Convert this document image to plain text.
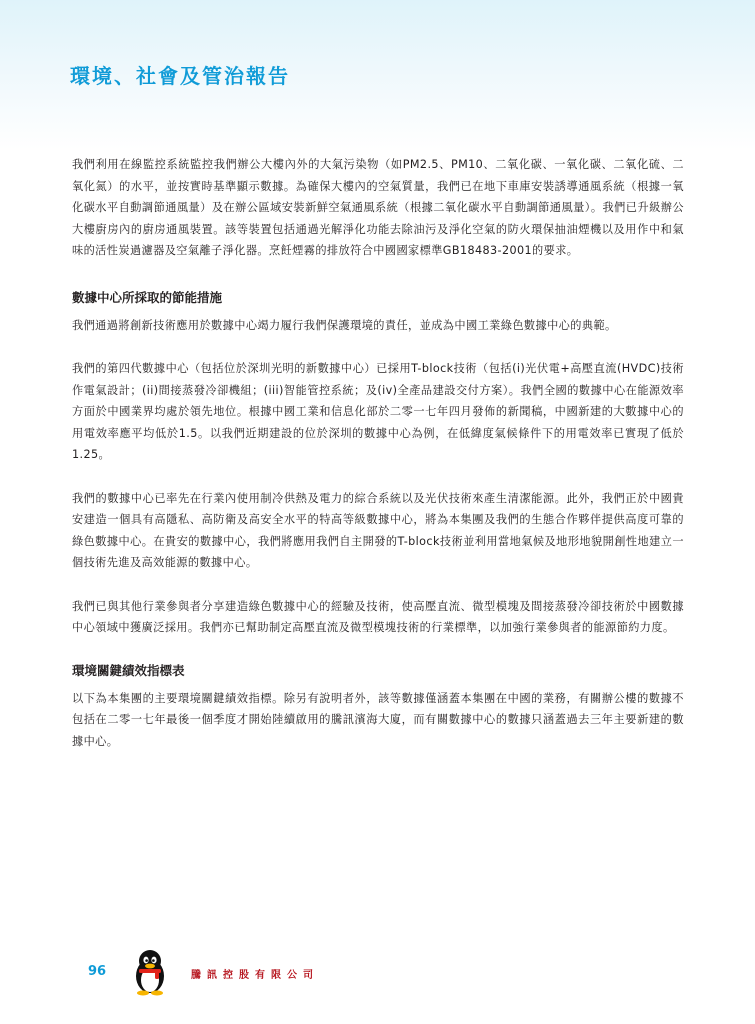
環境、社會及管治報告

我們利用在線監控系統監控我們辦公大樓內外的大氣污染物（如PM2.5、PM10、二氧化碳、一氧化碳、二氧化硫、二氧化氮）的水平，並按實時基準顯示數據。為確保大樓內的空氣質量，我們已在地下車庫安裝誘導通風系統（根據一氧化碳水平自動調節通風量）及在辦公區域安裝新鮮空氣通風系統（根據二氧化碳水平自動調節通風量）。我們已升級辦公大樓廚房內的廚房通風裝置。該等裝置包括通過光解淨化功能去除油污及淨化空氣的防火環保抽油煙機以及用作中和氣味的活性炭過濾器及空氣離子淨化器。烹飪煙霧的排放符合中國國家標準GB18483-2001的要求。

數據中心所採取的節能措施

我們通過將創新技術應用於數據中心竭力履行我們保護環境的責任，並成為中國工業綠色數據中心的典範。

我們的第四代數據中心（包括位於深圳光明的新數據中心）已採用T-block技術（包括(i)光伏電+高壓直流(HVDC)技術作電氣設計；(ii)間接蒸發冷卻機組；(iii)智能管控系統；及(iv)全產品建設交付方案）。我們全國的數據中心在能源效率方面於中國業界均處於領先地位。根據中國工業和信息化部於二零一七年四月發佈的新聞稿，中國新建的大數據中心的用電效率應平均低於1.5。以我們近期建設的位於深圳的數據中心為例，在低緯度氣候條件下的用電效率已實現了低於1.25。

我們的數據中心已率先在行業內使用制冷供熱及電力的綜合系統以及光伏技術來產生清潔能源。此外，我們正於中國貴安建造一個具有高隱私、高防衛及高安全水平的特高等級數據中心，將為本集團及我們的生態合作夥伴提供高度可靠的綠色數據中心。在貴安的數據中心，我們將應用我們自主開發的T-block技術並利用當地氣候及地形地貌開創性地建立一個技術先進及高效能源的數據中心。

我們已與其他行業參與者分享建造綠色數據中心的經驗及技術，使高壓直流、微型模塊及間接蒸發冷卻技術於中國數據中心領域中獲廣泛採用。我們亦已幫助制定高壓直流及微型模塊技術的行業標準，以加強行業參與者的能源節約力度。

環境關鍵績效指標表

以下為本集團的主要環境關鍵績效指標。除另有說明者外，該等數據僅涵蓋本集團在中國的業務，有關辦公樓的數據不包括在二零一七年最後一個季度才開始陸續啟用的騰訊濱海大廈，而有關數據中心的數據只涵蓋過去三年主要新建的數據中心。

96	騰訊控股有限公司
